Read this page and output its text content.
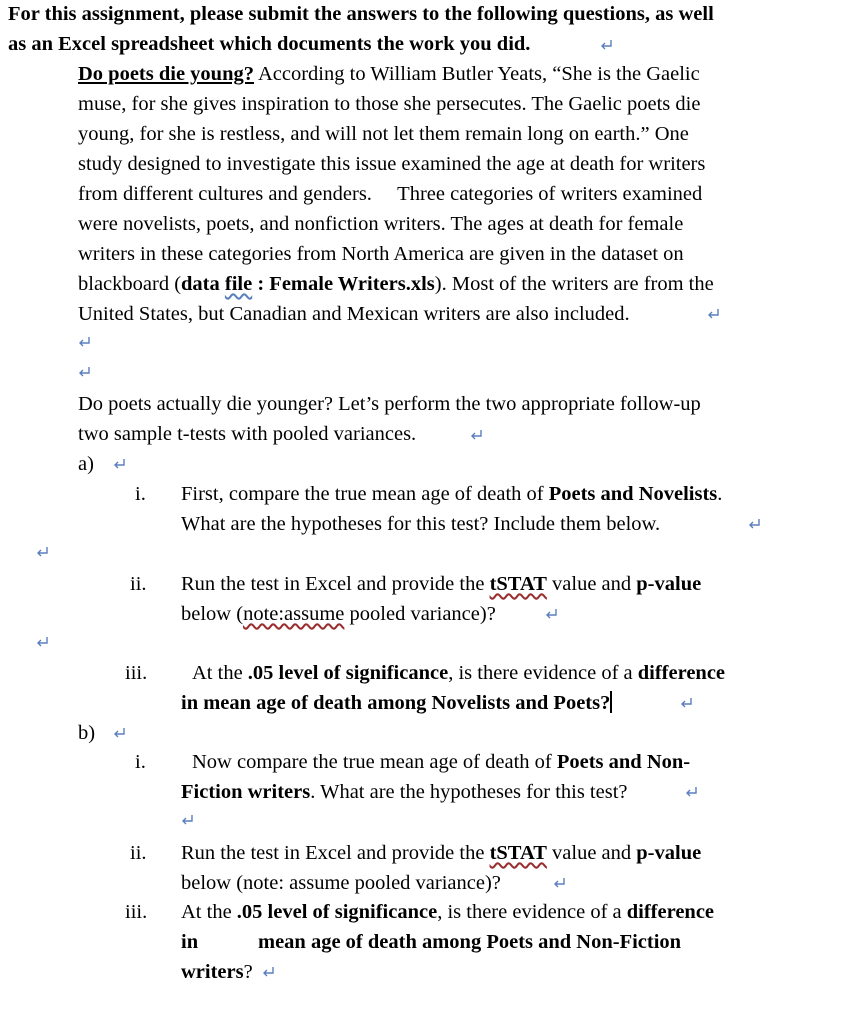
For this assignment, please submit the answers to the following questions, as well
as an Excel spreadsheet which documents the work you did.
Do poets die young? According to William Butler Yeats, “She is the Gaelic
muse, for she gives inspiration to those she persecutes. The Gaelic poets die
young, for she is restless, and will not let them remain long on earth.” One
study designed to investigate this issue examined the age at death for writers
from different cultures and genders.     Three categories of writers examined
were novelists, poets, and nonfiction writers. The ages at death for female
writers in these categories from North America are given in the dataset on
blackboard (data file : Female Writers.xls). Most of the writers are from the
United States, but Canadian and Mexican writers are also included.
Do poets actually die younger? Let’s perform the two appropriate follow-up
two sample t-tests with pooled variances.
a)
i. First, compare the true mean age of death of Poets and Novelists.
What are the hypotheses for this test? Include them below.
ii. Run the test in Excel and provide the tSTAT value and p-value
below (note:assume pooled variance)?
iii. At the .05 level of significance, is there evidence of a difference
in mean age of death among Novelists and Poets?
b)
i. Now compare the true mean age of death of Poets and Non-
Fiction writers. What are the hypotheses for this test?
ii. Run the test in Excel and provide the tSTAT value and p-value
below (note: assume pooled variance)?
iii. At the .05 level of significance, is there evidence of a difference
in	mean age of death among Poets and Non-Fiction
writers?
